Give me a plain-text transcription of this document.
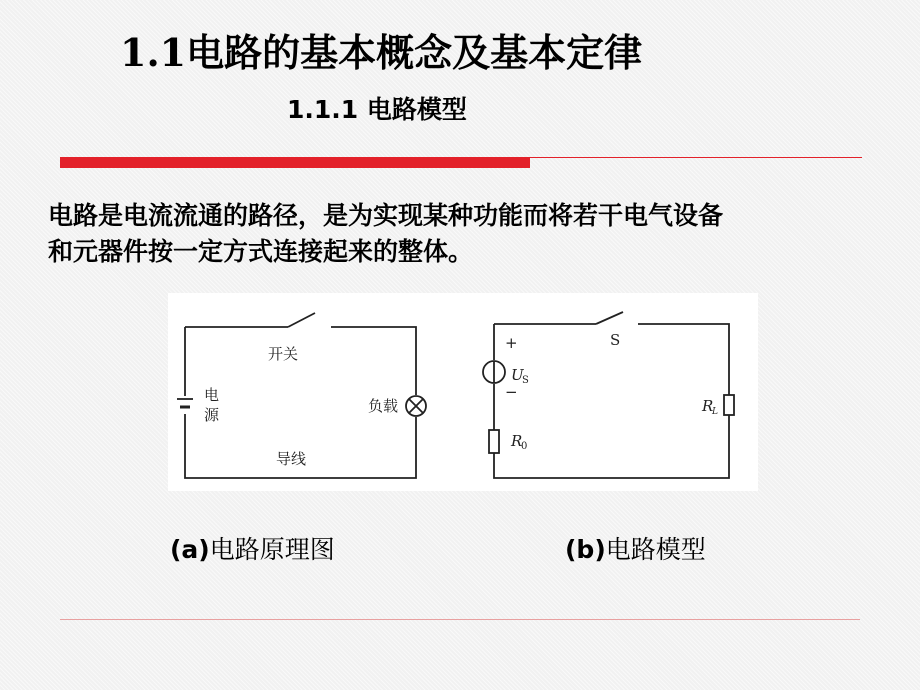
1.1电路的基本概念及基本定律
1.1.1 电路模型
电路是电流流通的路径，是为实现某种功能而将若干电气设备
和元器件按一定方式连接起来的整体。
开关
电
源	负载
导线
+
−
S
U
S
R
L
R
0
(a)电路原理图	(b)电路模型
